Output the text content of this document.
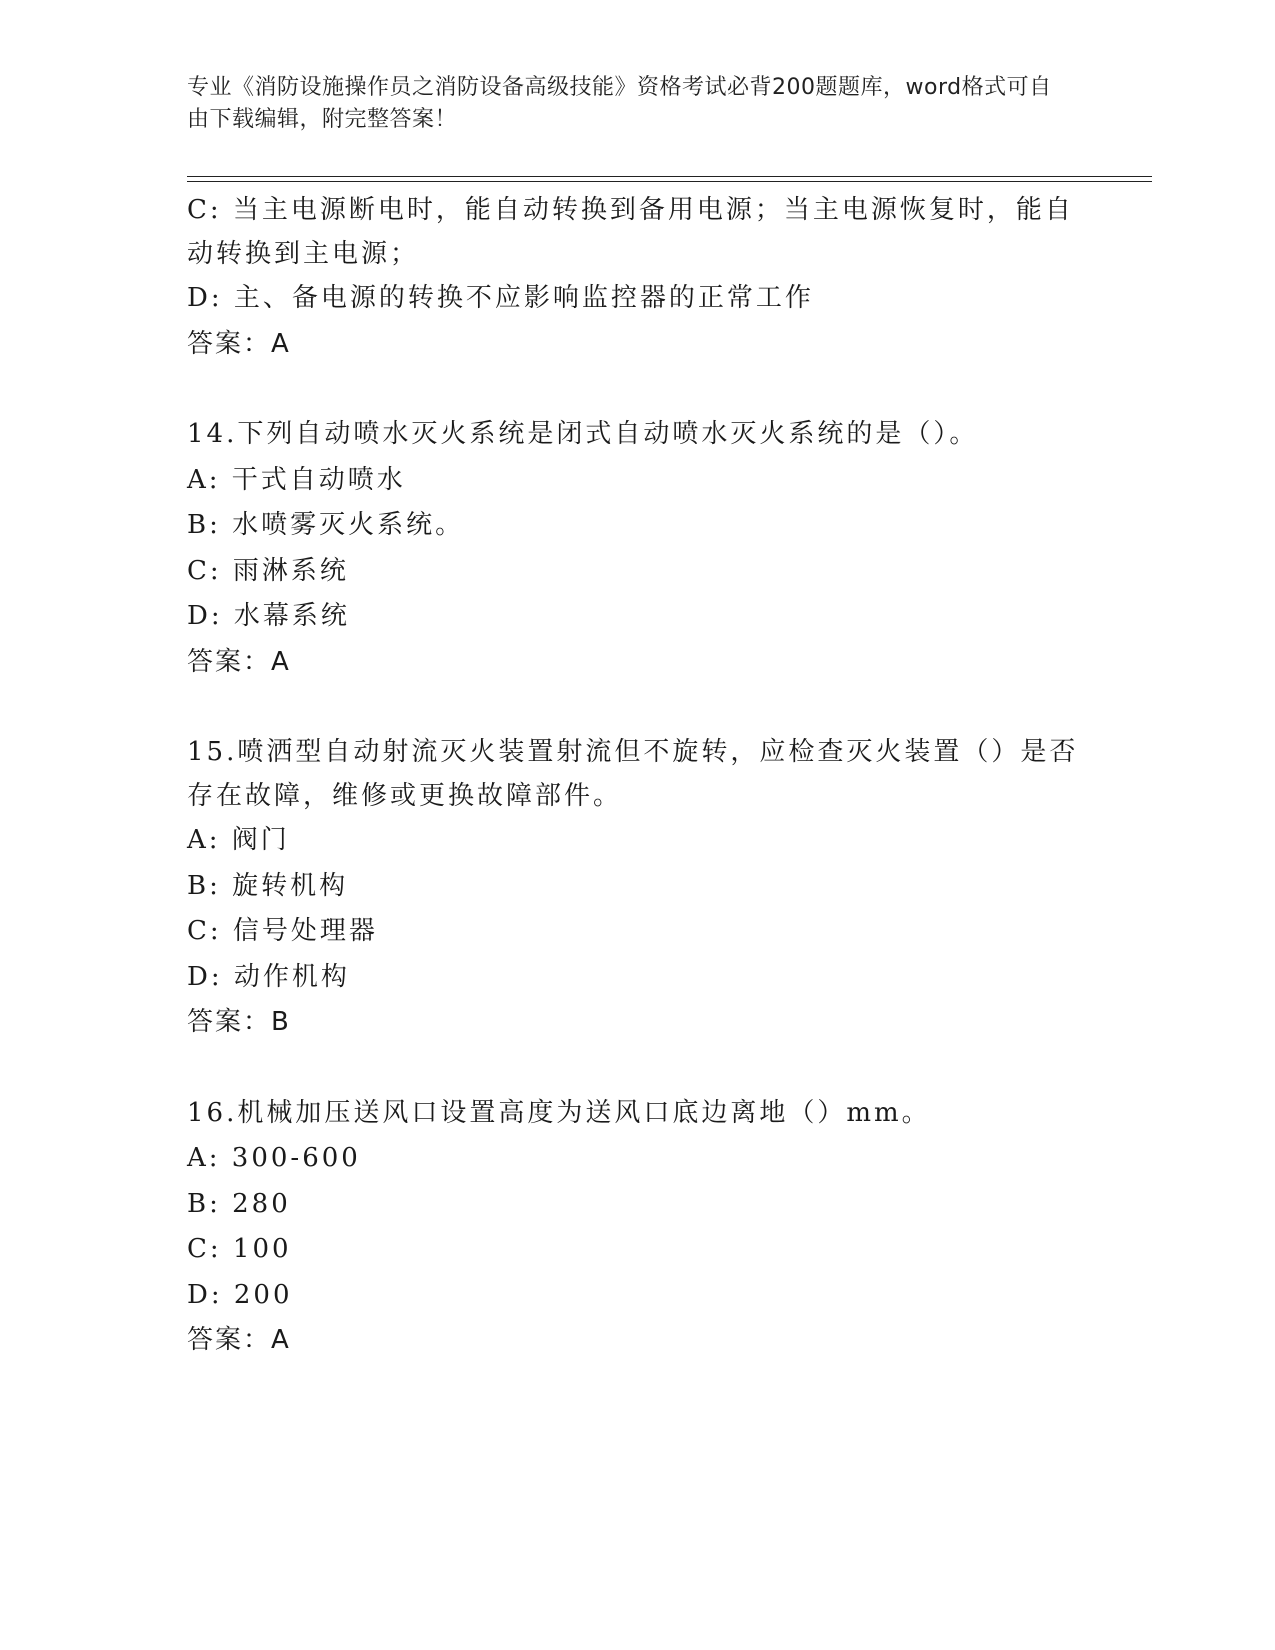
专业《消防设施操作员之消防设备高级技能》资格考试必背200题题库，word格式可自由下载编辑，附完整答案！
C: 当主电源断电时，能自动转换到备用电源；当主电源恢复时，能自动转换到主电源；
D: 主、备电源的转换不应影响监控器的正常工作
答案：A
14.下列自动喷水灭火系统是闭式自动喷水灭火系统的是（）。
A: 干式自动喷水
B: 水喷雾灭火系统。
C: 雨淋系统
D: 水幕系统
答案：A
15.喷洒型自动射流灭火装置射流但不旋转，应检查灭火装置（）是否存在故障，维修或更换故障部件。
A: 阀门
B: 旋转机构
C: 信号处理器
D: 动作机构
答案：B
16.机械加压送风口设置高度为送风口底边离地（）mm。
A: 300-600
B: 280
C: 100
D: 200
答案：A
